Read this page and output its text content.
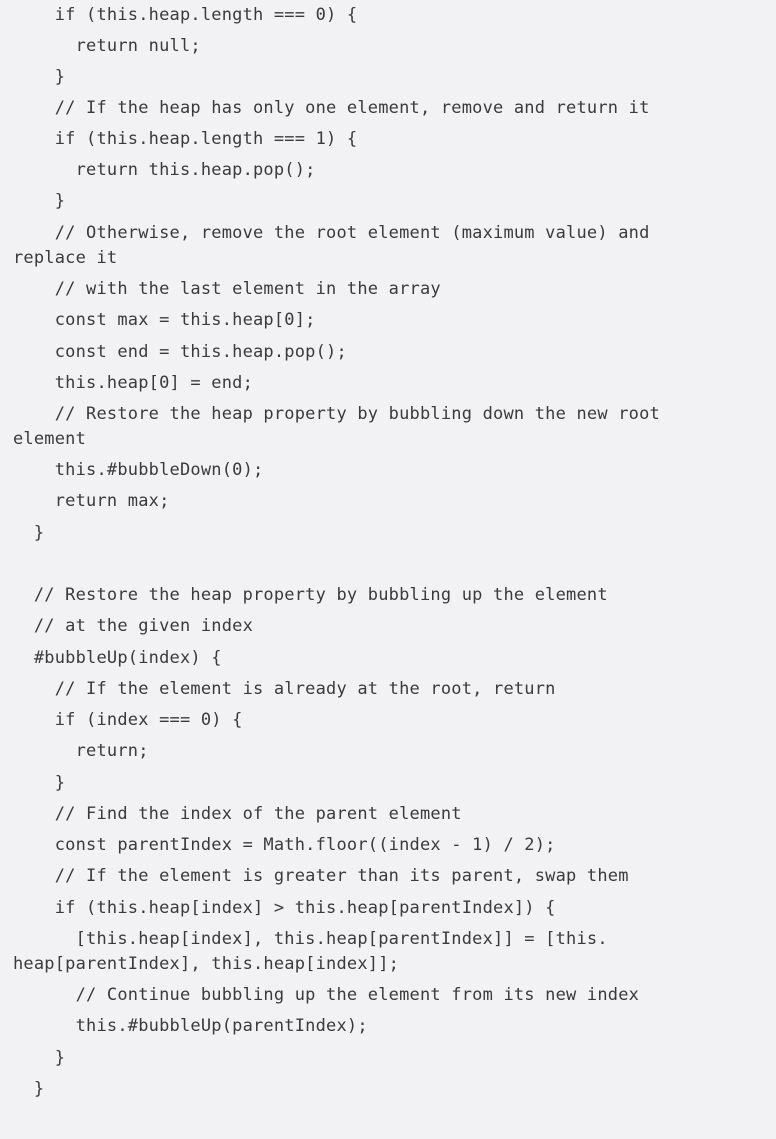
if (this.heap.length === 0) {
return null;
}
// If the heap has only one element, remove and return it
if (this.heap.length === 1) {
return this.heap.pop();
}
// Otherwise, remove the root element (maximum value) and
replace it
// with the last element in the array
const max = this.heap[0];
const end = this.heap.pop();
this.heap[0] = end;
// Restore the heap property by bubbling down the new root
element
this.#bubbleDown(0);
return max;
}
// Restore the heap property by bubbling up the element
// at the given index
#bubbleUp(index) {
// If the element is already at the root, return
if (index === 0) {
return;
}
// Find the index of the parent element
const parentIndex = Math.floor((index - 1) / 2);
// If the element is greater than its parent, swap them
if (this.heap[index] > this.heap[parentIndex]) {
[this.heap[index], this.heap[parentIndex]] = [this.
heap[parentIndex], this.heap[index]];
// Continue bubbling up the element from its new index
this.#bubbleUp(parentIndex);
}
}
